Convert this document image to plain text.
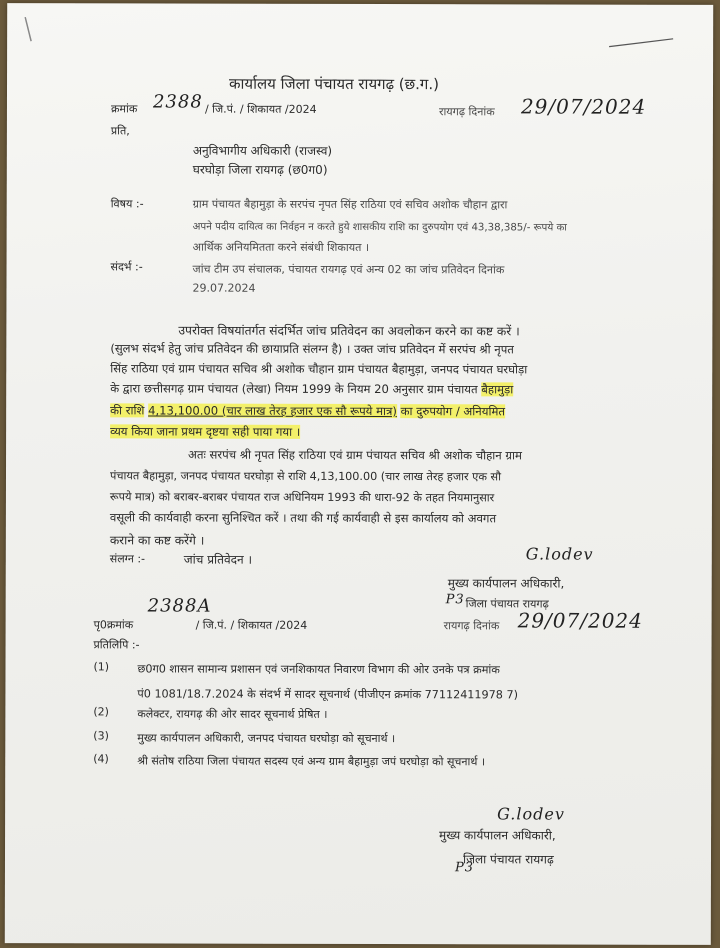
कार्यालय जिला पंचायत रायगढ़ (छ.ग.)
क्रमांक 2388 / जि.पं. / शिकायत /2024	रायगढ़ दिनांक 29/07/2024
प्रति,
अनुविभागीय अधिकारी (राजस्व)
घरघोड़ा जिला रायगढ़ (छ0ग0)
विषय :-	ग्राम पंचायत बैहामुड़ा के सरपंच नृपत सिंह राठिया एवं सचिव अशोक चौहान द्वारा
अपने पदीय दायित्व का निर्वहन न करते हुये शासकीय राशि का दुरुपयोग एवं 43,38,385/- रूपये का
आर्थिक अनियमितता करने संबंधी शिकायत ।
संदर्भ :-	जांच टीम उप संचालक, पंचायत रायगढ़ एवं अन्य 02 का जांच प्रतिवेदन दिनांक
29.07.2024
उपरोक्त विषयांतर्गत संदर्भित जांच प्रतिवेदन का अवलोकन करने का कष्ट करें ।
(सुलभ संदर्भ हेतु जांच प्रतिवेदन की छायाप्रति संलग्न है) । उक्त जांच प्रतिवेदन में सरपंच श्री नृपत
सिंह राठिया एवं ग्राम पंचायत सचिव श्री अशोक चौहान ग्राम पंचायत बैहामुड़ा, जनपद पंचायत घरघोड़ा
के द्वारा छत्तीसगढ़ ग्राम पंचायत (लेखा) नियम 1999 के नियम 20 अनुसार ग्राम पंचायत बैहामुड़ा
की राशि 4,13,100.00 (चार लाख तेरह हजार एक सौ रूपये मात्र) का दुरुपयोग / अनियमित
व्यय किया जाना प्रथम दृष्टया सही पाया गया ।
अतः सरपंच श्री नृपत सिंह राठिया एवं ग्राम पंचायत सचिव श्री अशोक चौहान ग्राम
पंचायत बैहामुड़ा, जनपद पंचायत घरघोड़ा से राशि 4,13,100.00 (चार लाख तेरह हजार एक सौ
रूपये मात्र) को बराबर-बराबर पंचायत राज अधिनियम 1993 की धारा-92 के तहत नियमानुसार
वसूली की कार्यवाही करना सुनिश्चित करें । तथा की गई कार्यवाही से इस कार्यालय को अवगत
कराने का कष्ट करेंगे ।
संलग्न :-	जांच प्रतिवेदन ।	G.lodev
मुख्य कार्यपालन अधिकारी,
P3 जिला पंचायत रायगढ़
पृ0क्रमांक
2388A
/ जि.पं. / शिकायत /2024	रायगढ़ दिनांक 29/07/2024
प्रतिलिपि :-
(1)	छ0ग0 शासन सामान्य प्रशासन एवं जनशिकायत निवारण विभाग की ओर उनके पत्र क्रमांक
पं0 1081/18.7.2024 के संदर्भ में सादर सूचनार्थ (पीजीएन क्रमांक 77112411978 7)
(2)	कलेक्टर, रायगढ़ की ओर सादर सूचनार्थ प्रेषित ।
(3)	मुख्य कार्यपालन अधिकारी, जनपद पंचायत घरघोड़ा को सूचनार्थ ।
(4)	श्री संतोष राठिया जिला पंचायत सदस्य एवं अन्य ग्राम बैहामुड़ा जपं घरघोड़ा को सूचनार्थ ।
G.lodev
मुख्य कार्यपालन अधिकारी,
जिला पंचायत रायगढ़
P3
